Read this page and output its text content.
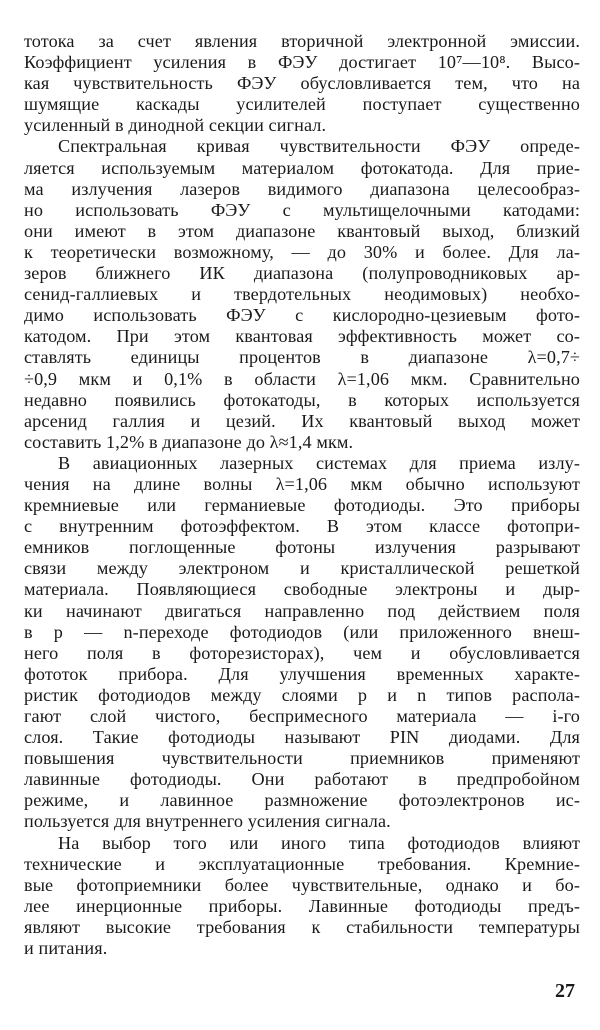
тотока за счет явления вторичной электронной эмиссии.
Коэффициент усиления в ФЭУ достигает 10⁷—10⁸. Высо-
кая чувствительность ФЭУ обусловливается тем, что на
шумящие каскады усилителей поступает существенно
усиленный в динодной секции сигнал.
Спектральная кривая чувствительности ФЭУ опреде-
ляется используемым материалом фотокатода. Для прие-
ма излучения лазеров видимого диапазона целесообраз-
но использовать ФЭУ с мультищелочными катодами:
они имеют в этом диапазоне квантовый выход, близкий
к теоретически возможному, — до 30% и более. Для ла-
зеров ближнего ИК диапазона (полупроводниковых ар-
сенид-галлиевых и твердотельных неодимовых) необхо-
димо использовать ФЭУ с кислородно-цезиевым фото-
катодом. При этом квантовая эффективность может со-
ставлять единицы процентов в диапазоне λ=0,7÷
÷0,9 мкм и 0,1% в области λ=1,06 мкм. Сравнительно
недавно появились фотокатоды, в которых используется
арсенид галлия и цезий. Их квантовый выход может
составить 1,2% в диапазоне до λ≈1,4 мкм.
В авиационных лазерных системах для приема излу-
чения на длине волны λ=1,06 мкм обычно используют
кремниевые или германиевые фотодиоды. Это приборы
с внутренним фотоэффектом. В этом классе фотопри-
емников поглощенные фотоны излучения разрывают
связи между электроном и кристаллической решеткой
материала. Появляющиеся свободные электроны и дыр-
ки начинают двигаться направленно под действием поля
в p — n-переходе фотодиодов (или приложенного внеш-
него поля в фоторезисторах), чем и обусловливается
фототок прибора. Для улучшения временных характе-
ристик фотодиодов между слоями p и n типов распола-
гают слой чистого, беспримесного материала — i-го
слоя. Такие фотодиоды называют PIN диодами. Для
повышения чувствительности приемников применяют
лавинные фотодиоды. Они работают в предпробойном
режиме, и лавинное размножение фотоэлектронов ис-
пользуется для внутреннего усиления сигнала.
На выбор того или иного типа фотодиодов влияют
технические и эксплуатационные требования. Кремние-
вые фотоприемники более чувствительные, однако и бо-
лее инерционные приборы. Лавинные фотодиоды предъ-
являют высокие требования к стабильности температуры
и питания.
27
